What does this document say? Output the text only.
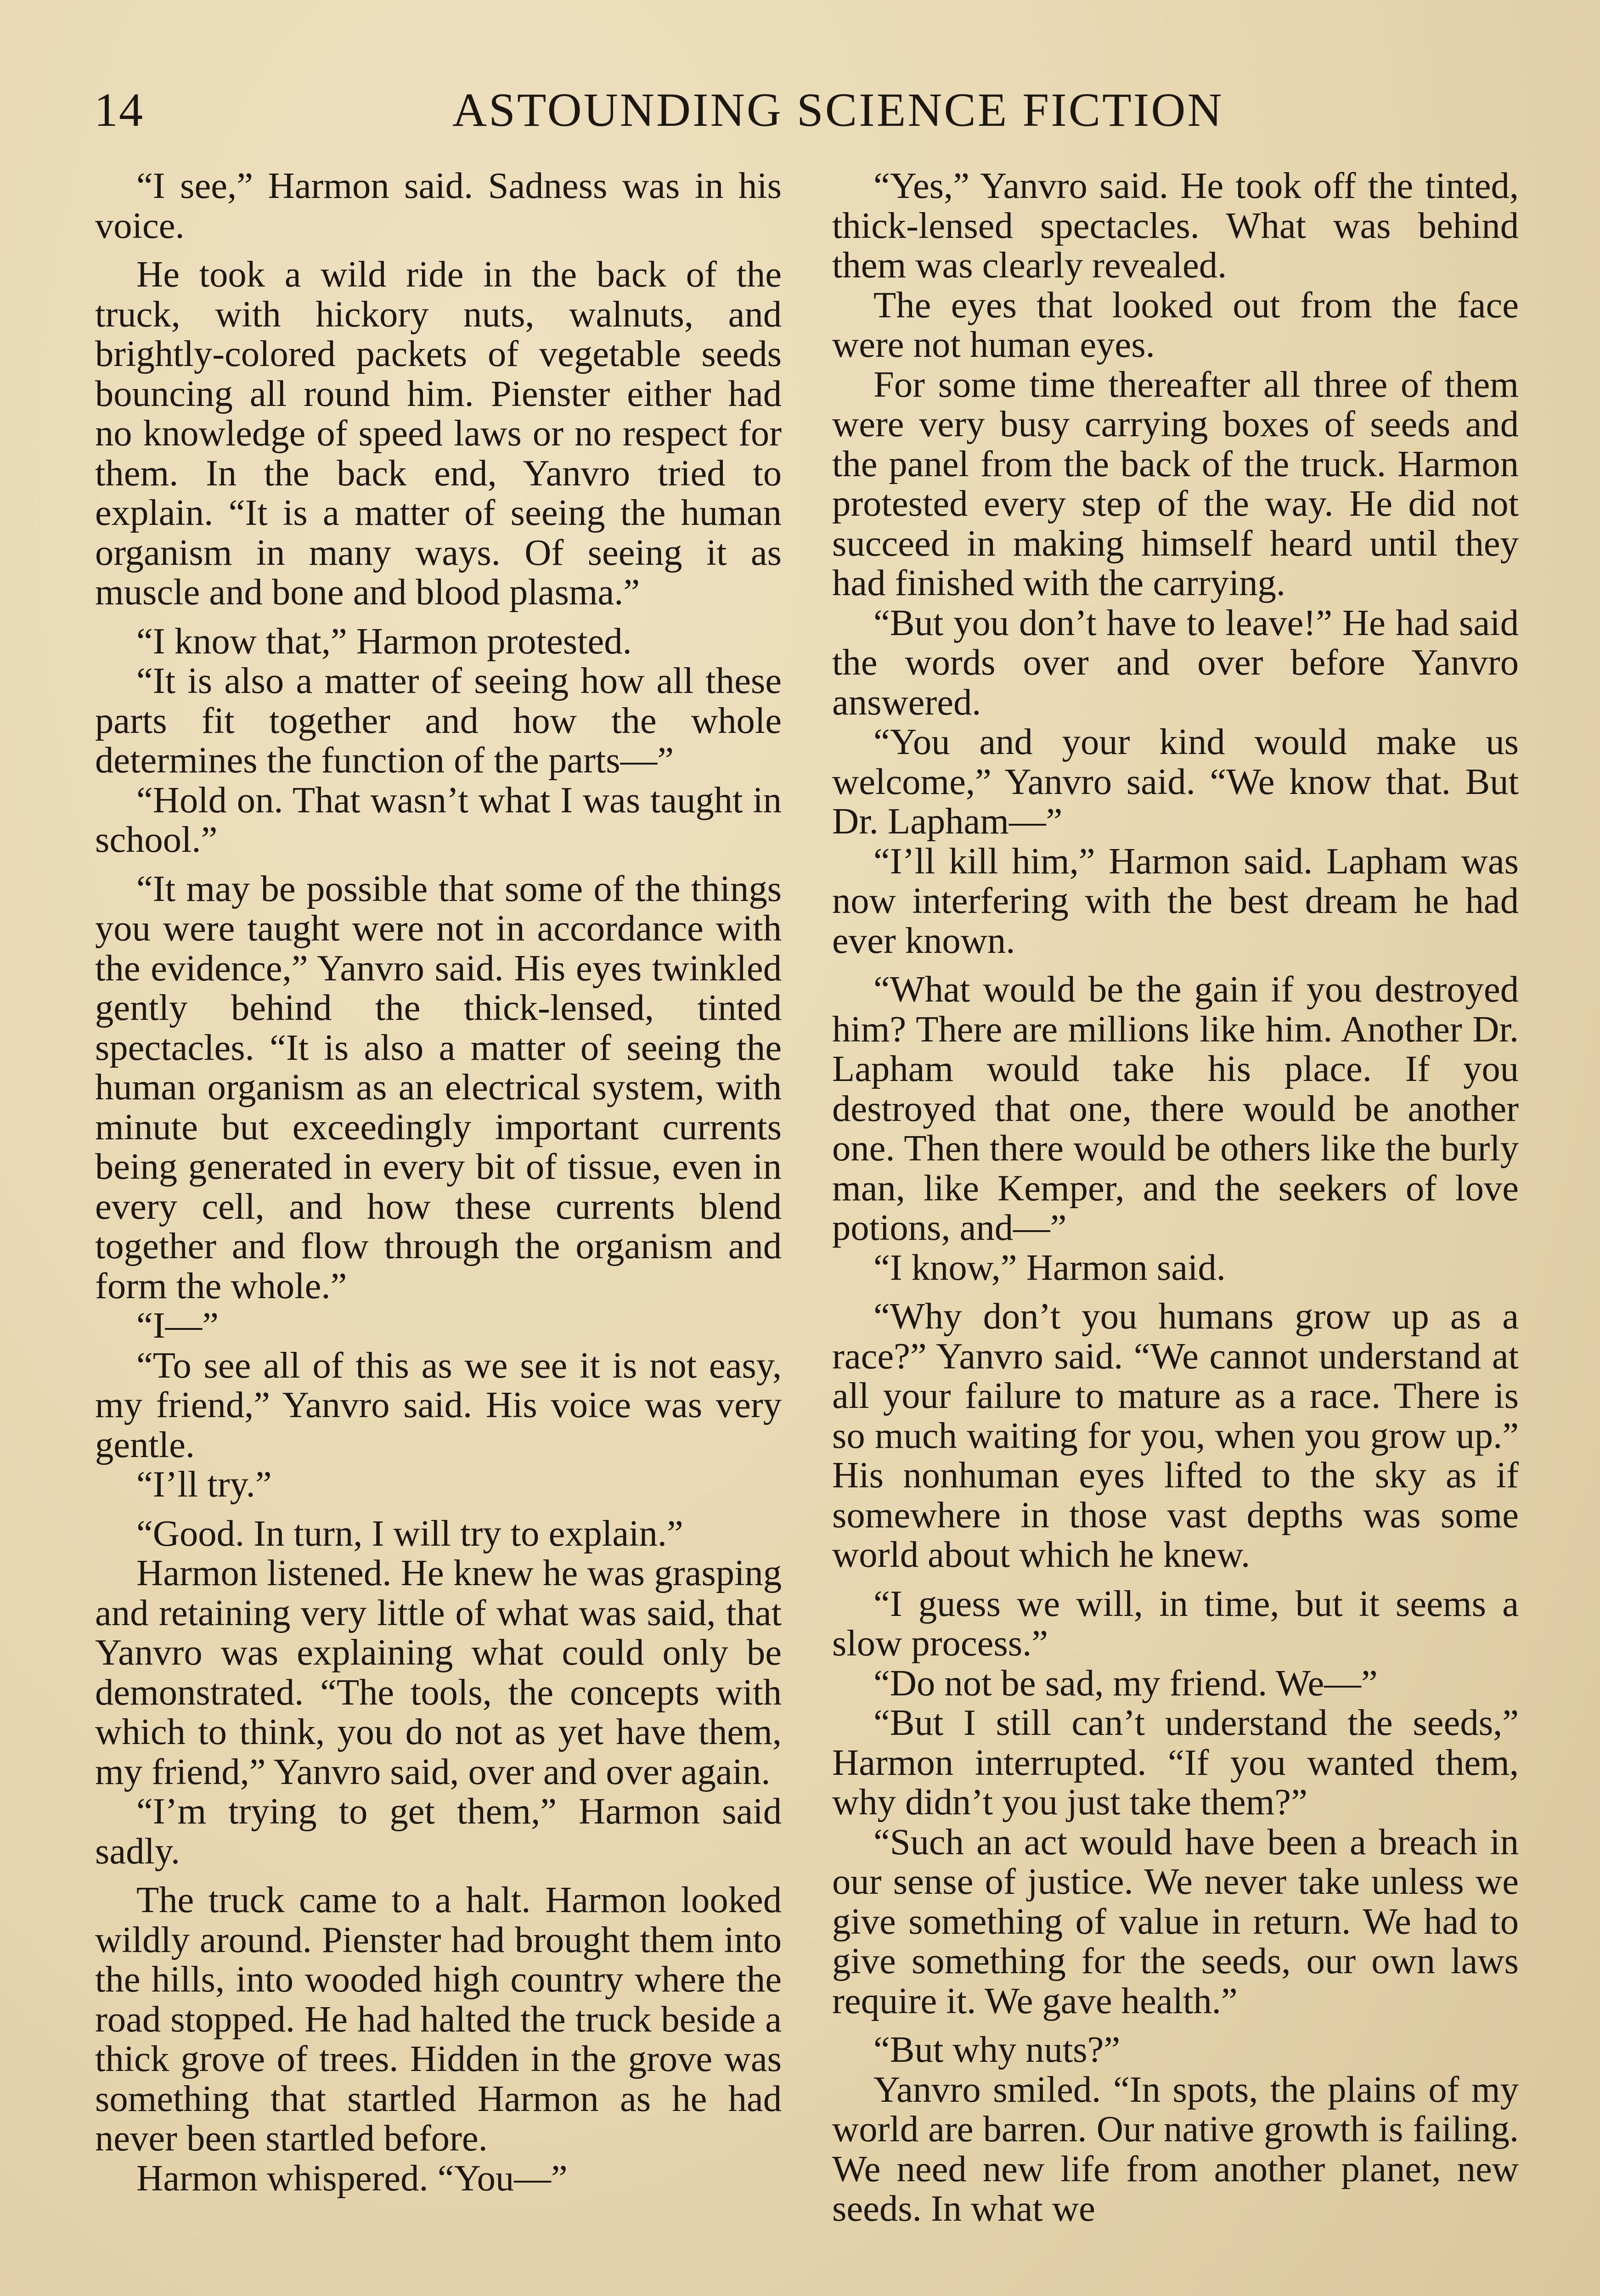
14	ASTOUNDING SCIENCE FICTION

“I see,” Harmon said. Sadness was in his voice.

He took a wild ride in the back of the truck, with hickory nuts, walnuts, and brightly-colored packets of vegetable seeds bouncing all round him. Pienster either had no knowledge of speed laws or no respect for them. In the back end, Yanvro tried to explain. “It is a matter of seeing the human organism in many ways. Of seeing it as muscle and bone and blood plasma.”

“I know that,” Harmon protested.

“It is also a matter of seeing how all these parts fit together and how the whole determines the function of the parts—”

“Hold on. That wasn’t what I was taught in school.”

“It may be possible that some of the things you were taught were not in accordance with the evidence,” Yanvro said. His eyes twinkled gently behind the thick-lensed, tinted spectacles. “It is also a matter of seeing the human organism as an electrical system, with minute but exceedingly important currents being generated in every bit of tissue, even in every cell, and how these currents blend together and flow through the organism and form the whole.”

“I—”

“To see all of this as we see it is not easy, my friend,” Yanvro said. His voice was very gentle.

“I’ll try.”

“Good. In turn, I will try to explain.”

Harmon listened. He knew he was grasping and retaining very little of what was said, that Yanvro was explaining what could only be demonstrated. “The tools, the concepts with which to think, you do not as yet have them, my friend,” Yanvro said, over and over again.

“I’m trying to get them,” Harmon said sadly.

The truck came to a halt. Harmon looked wildly around. Pienster had brought them into the hills, into wooded high country where the road stopped. He had halted the truck beside a thick grove of trees. Hidden in the grove was something that startled Harmon as he had never been startled before.

Harmon whispered. “You—”

“Yes,” Yanvro said. He took off the tinted, thick-lensed spectacles. What was behind them was clearly revealed.

The eyes that looked out from the face were not human eyes.

For some time thereafter all three of them were very busy carrying boxes of seeds and the panel from the back of the truck. Harmon protested every step of the way. He did not succeed in making himself heard until they had finished with the carrying.

“But you don’t have to leave!” He had said the words over and over before Yanvro answered.

“You and your kind would make us welcome,” Yanvro said. “We know that. But Dr. Lapham—”

“I’ll kill him,” Harmon said. Lapham was now interfering with the best dream he had ever known.

“What would be the gain if you destroyed him? There are millions like him. Another Dr. Lapham would take his place. If you destroyed that one, there would be another one. Then there would be others like the burly man, like Kemper, and the seekers of love potions, and—”

“I know,” Harmon said.

“Why don’t you humans grow up as a race?” Yanvro said. “We cannot understand at all your failure to mature as a race. There is so much waiting for you, when you grow up.” His nonhuman eyes lifted to the sky as if somewhere in those vast depths was some world about which he knew.

“I guess we will, in time, but it seems a slow process.”

“Do not be sad, my friend. We—”

“But I still can’t understand the seeds,” Harmon interrupted. “If you wanted them, why didn’t you just take them?”

“Such an act would have been a breach in our sense of justice. We never take unless we give something of value in return. We had to give something for the seeds, our own laws require it. We gave health.”

“But why nuts?”

Yanvro smiled. “In spots, the plains of my world are barren. Our native growth is failing. We need new life from another planet, new seeds. In what we
